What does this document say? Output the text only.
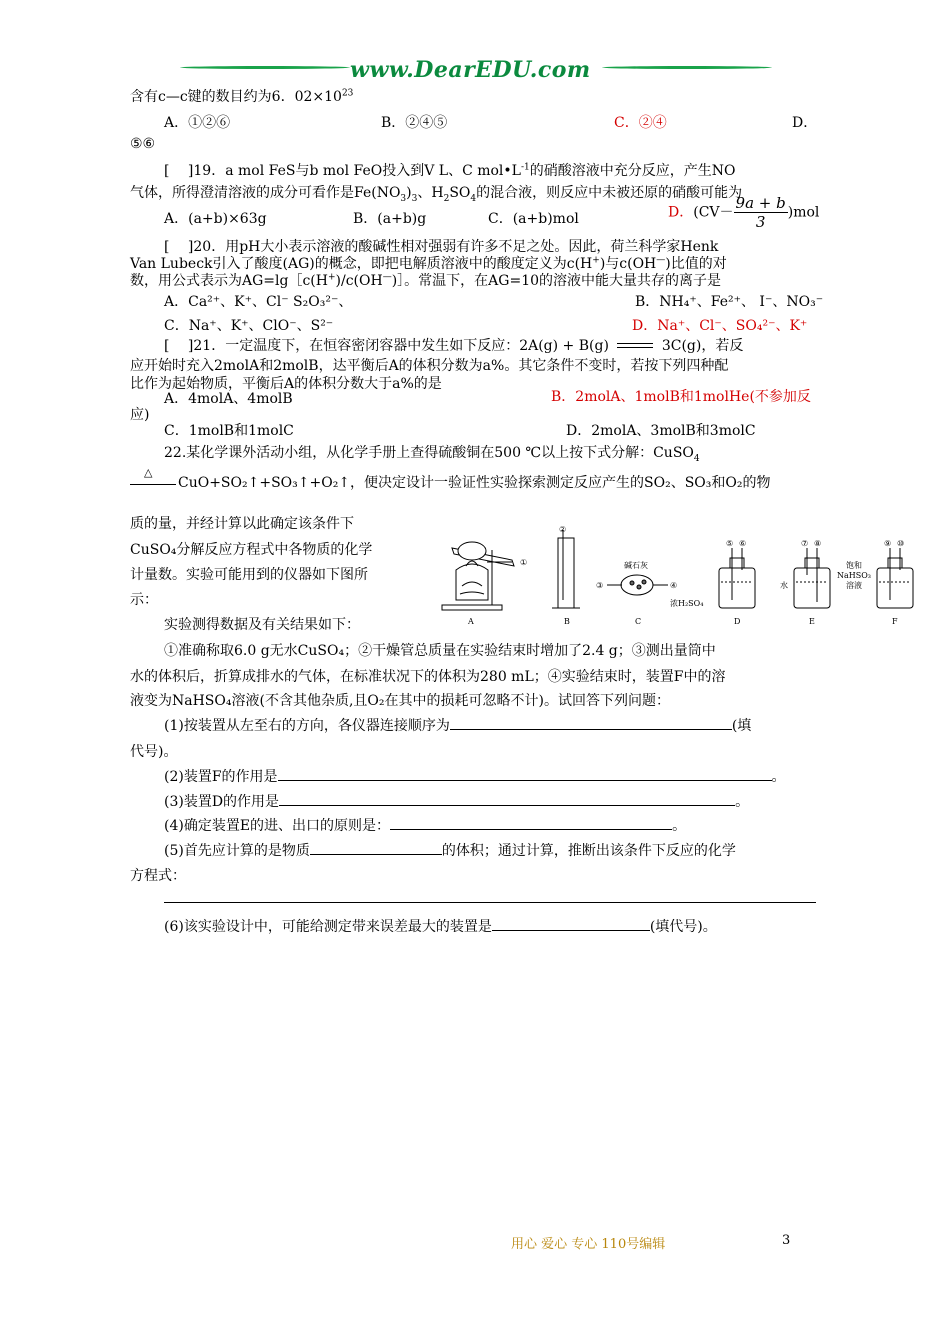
www.DearEDU.com
含有c—c键的数目约为6．$02\times 10^{23}$
A．①②⑥	B．②④⑤	C．②④	D．
⑤⑥
[　 ]19．a mol FeS与b mol FeO投入到V L、C $mol•L^{-1}$的硝酸溶液中充分反应，产生NO
气体，所得澄清溶液的成分可看作是$Fe(NO_3)_3$、$H_2SO_4$的混合液，则反应中未被还原的硝酸可能为
A．(a+b)×63g	B．(a+b)g	C．(a+b)mol	D．$(CV- \frac{9a + b}{3} )mol$
[　 ]20．用pH大小表示溶液的酸碱性相对强弱有许多不足之处。因此，荷兰科学家Henk
Van Lubeck引入了酸度(AG)的概念，即把电解质溶液中的酸度定义为c(H+)与c(OH—)比值的对
数，用公式表示为AG=lg［c(H+)/c(OH—)］。常温下，在AG=10的溶液中能大量共存的离子是
A．Ca²⁺、K⁺、Cl⁻ S₂O₃²⁻、	B．NH₄⁺、Fe²⁺、 I⁻、NO₃⁻
C．Na⁺、K⁺、ClO⁻、S²⁻	D．Na⁺、Cl⁻、SO₄²⁻、K⁺
[　 ]21．一定温度下，在恒容密闭容器中发生如下反应：2A(g) + B(g)	3C(g)，若反
应开始时充入2molA和2molB，达平衡后A的体积分数为a%。其它条件不变时，若按下列四种配
比作为起始物质，平衡后A的体积分数大于a%的是
A．4molA、4molB	B．2molA、1molB和1molHe(不参加反
应)
C．1molB和1molC	D．2molA、3molB和3molC
22.某化学课外活动小组，从化学手册上查得硫酸铜在500 ℃以上按下式分解：CuSO$_4$
△
CuO+SO₂↑+SO₃↑+O₂↑，便决定设计一验证性实验探索测定反应产生的SO₂、SO₃和O₂的物
质的量，并经计算以此确定该条件下
CuSO₄分解反应方程式中各物质的化学
计量数。实验可能用到的仪器如下图所
示：
A	B	C	D	E	F
①
②
③	④
⑤ ⑥	⑦ ⑧	⑨ ⑩
碱石灰
浓H₂SO₄
水
饱和
NaHSO₃
溶液
实验测得数据及有关结果如下：
①准确称取6.0 g无水CuSO₄；②干燥管总质量在实验结束时增加了2.4 g；③测出量筒中
水的体积后，折算成排水的气体，在标准状况下的体积为280 mL；④实验结束时，装置F中的溶
液变为NaHSO₄溶液(不含其他杂质,且O₂在其中的损耗可忽略不计)。试回答下列问题：
(1)按装置从左至右的方向，各仪器连接顺序为	(填
代号)。
(2)装置F的作用是	。
(3)装置D的作用是	。
(4)确定装置E的进、出口的原则是：	。
(5)首先应计算的是物质	的体积；通过计算，推断出该条件下反应的化学
方程式：
(6)该实验设计中，可能给测定带来误差最大的装置是	(填代号)。
用心 爱心 专心 110号编辑	3
